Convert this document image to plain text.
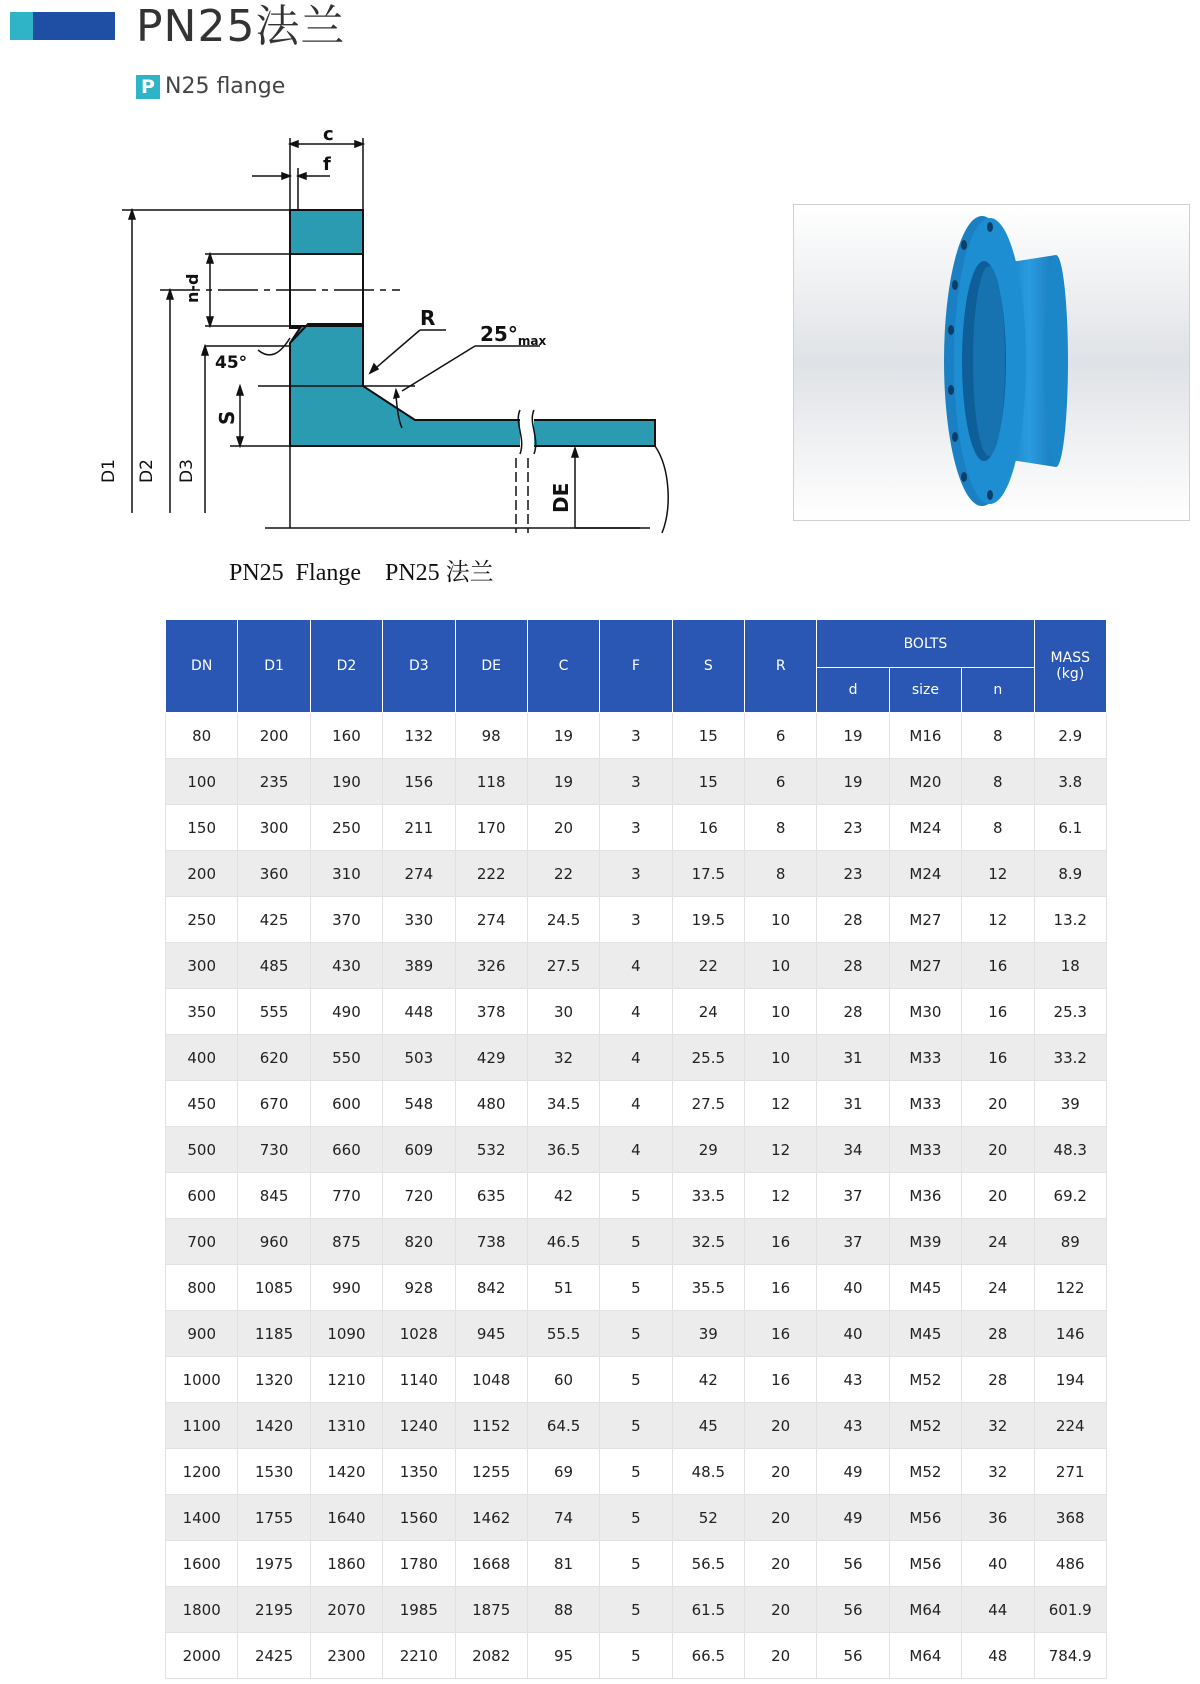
PN25法兰
P N25 flange
c
f
R
$25^\circ_{max}$
45°
n-d
S
D1 D2 D3
DE
PN25  Flange    PN25 法兰
DN	D1	D2	D3	DE	C	F	S	R	BOLTS			MASS
(kg)
									d	size	n	
80	200	160	132	98	19	3	15	6	19	M16	8	2.9
100	235	190	156	118	19	3	15	6	19	M20	8	3.8
150	300	250	211	170	20	3	16	8	23	M24	8	6.1
200	360	310	274	222	22	3	17.5	8	23	M24	12	8.9
250	425	370	330	274	24.5	3	19.5	10	28	M27	12	13.2
300	485	430	389	326	27.5	4	22	10	28	M27	16	18
350	555	490	448	378	30	4	24	10	28	M30	16	25.3
400	620	550	503	429	32	4	25.5	10	31	M33	16	33.2
450	670	600	548	480	34.5	4	27.5	12	31	M33	20	39
500	730	660	609	532	36.5	4	29	12	34	M33	20	48.3
600	845	770	720	635	42	5	33.5	12	37	M36	20	69.2
700	960	875	820	738	46.5	5	32.5	16	37	M39	24	89
800	1085	990	928	842	51	5	35.5	16	40	M45	24	122
900	1185	1090	1028	945	55.5	5	39	16	40	M45	28	146
1000	1320	1210	1140	1048	60	5	42	16	43	M52	28	194
1100	1420	1310	1240	1152	64.5	5	45	20	43	M52	32	224
1200	1530	1420	1350	1255	69	5	48.5	20	49	M52	32	271
1400	1755	1640	1560	1462	74	5	52	20	49	M56	36	368
1600	1975	1860	1780	1668	81	5	56.5	20	56	M56	40	486
1800	2195	2070	1985	1875	88	5	61.5	20	56	M64	44	601.9
2000	2425	2300	2210	2082	95	5	66.5	20	56	M64	48	784.9
